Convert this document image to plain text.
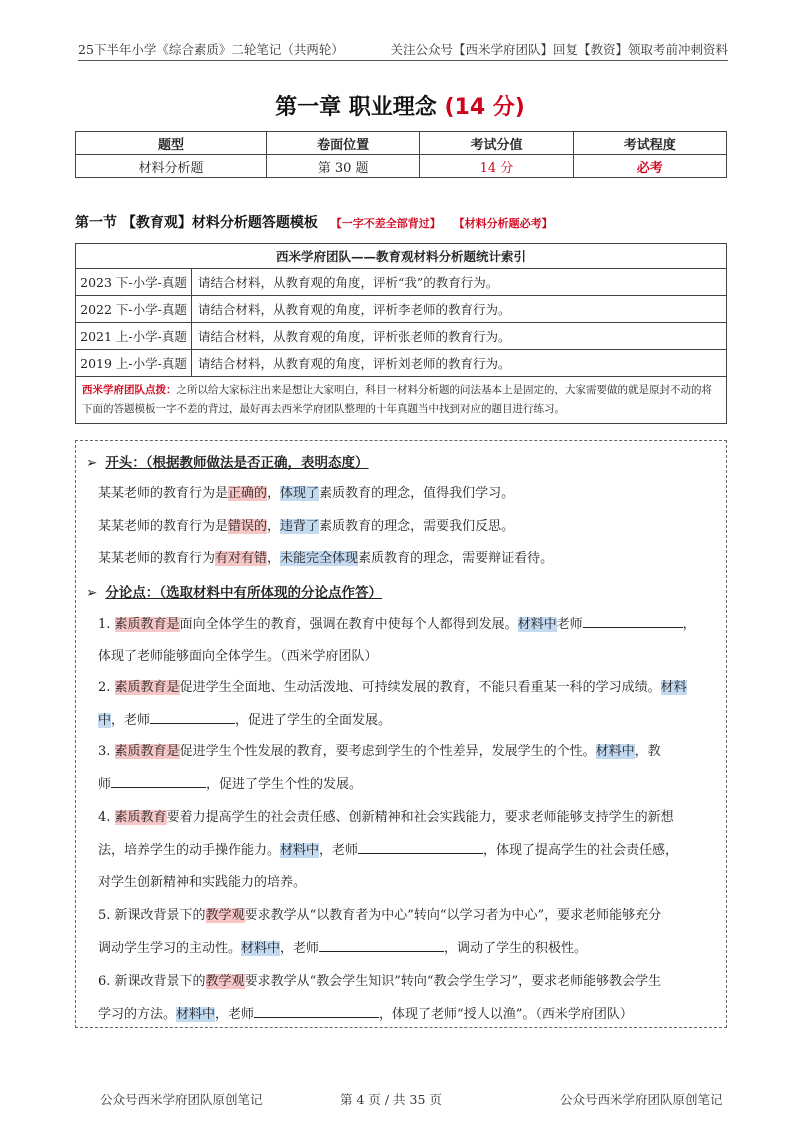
25下半年小学《综合素质》二轮笔记（共两轮）	关注公众号【西米学府团队】回复【教资】领取考前冲刺资料
第一章 职业理念 (14 分)
题型	卷面位置	考试分值	考试程度
材料分析题	第 30 题	14 分	必考
第一节 【教育观】材料分析题答题模板 【一字不差全部背过】 【材料分析题必考】
西米学府团队——教育观材料分析题统计索引	
2023 下-小学-真题	请结合材料，从教育观的角度，评析“我”的教育行为。
2022 下-小学-真题	请结合材料，从教育观的角度，评析李老师的教育行为。
2021 上-小学-真题	请结合材料，从教育观的角度，评析张老师的教育行为。
2019 上-小学-真题	请结合材料，从教育观的角度，评析刘老师的教育行为。
西米学府团队点拨：之所以给大家标注出来是想让大家明白，科目一材料分析题的问法基本上是固定的，大家需要做的就是原封不动的将下面的答题模板一字不差的背过，最好再去西米学府团队整理的十年真题当中找到对应的题目进行练习。	
➢ 开头：（根据教师做法是否正确，表明态度）
某某老师的教育行为是正确的，体现了素质教育的理念，值得我们学习。
某某老师的教育行为是错误的，违背了素质教育的理念，需要我们反思。
某某老师的教育行为有对有错，未能完全体现素质教育的理念，需要辩证看待。
➢ 分论点：（选取材料中有所体现的分论点作答）
1. 素质教育是面向全体学生的教育，强调在教育中使每个人都得到发展。材料中老师	，
体现了老师能够面向全体学生。（西米学府团队）
2. 素质教育是促进学生全面地、生动活泼地、可持续发展的教育，不能只看重某一科的学习成绩。材料
中，老师	，促进了学生的全面发展。
3. 素质教育是促进学生个性发展的教育，要考虑到学生的个性差异，发展学生的个性。材料中，教
师	，促进了学生个性的发展。
4. 素质教育要着力提高学生的社会责任感、创新精神和社会实践能力，要求老师能够支持学生的新想
法，培养学生的动手操作能力。材料中，老师	，体现了提高学生的社会责任感，
对学生创新精神和实践能力的培养。
5. 新课改背景下的教学观要求教学从“以教育者为中心”转向“以学习者为中心”，要求老师能够充分
调动学生学习的主动性。材料中，老师	，调动了学生的积极性。
6. 新课改背景下的教学观要求教学从“教会学生知识”转向“教会学生学习”，要求老师能够教会学生
学习的方法。材料中，老师	，体现了老师“授人以渔”。（西米学府团队）
公众号西米学府团队原创笔记	第 4 页 / 共 35 页	公众号西米学府团队原创笔记
